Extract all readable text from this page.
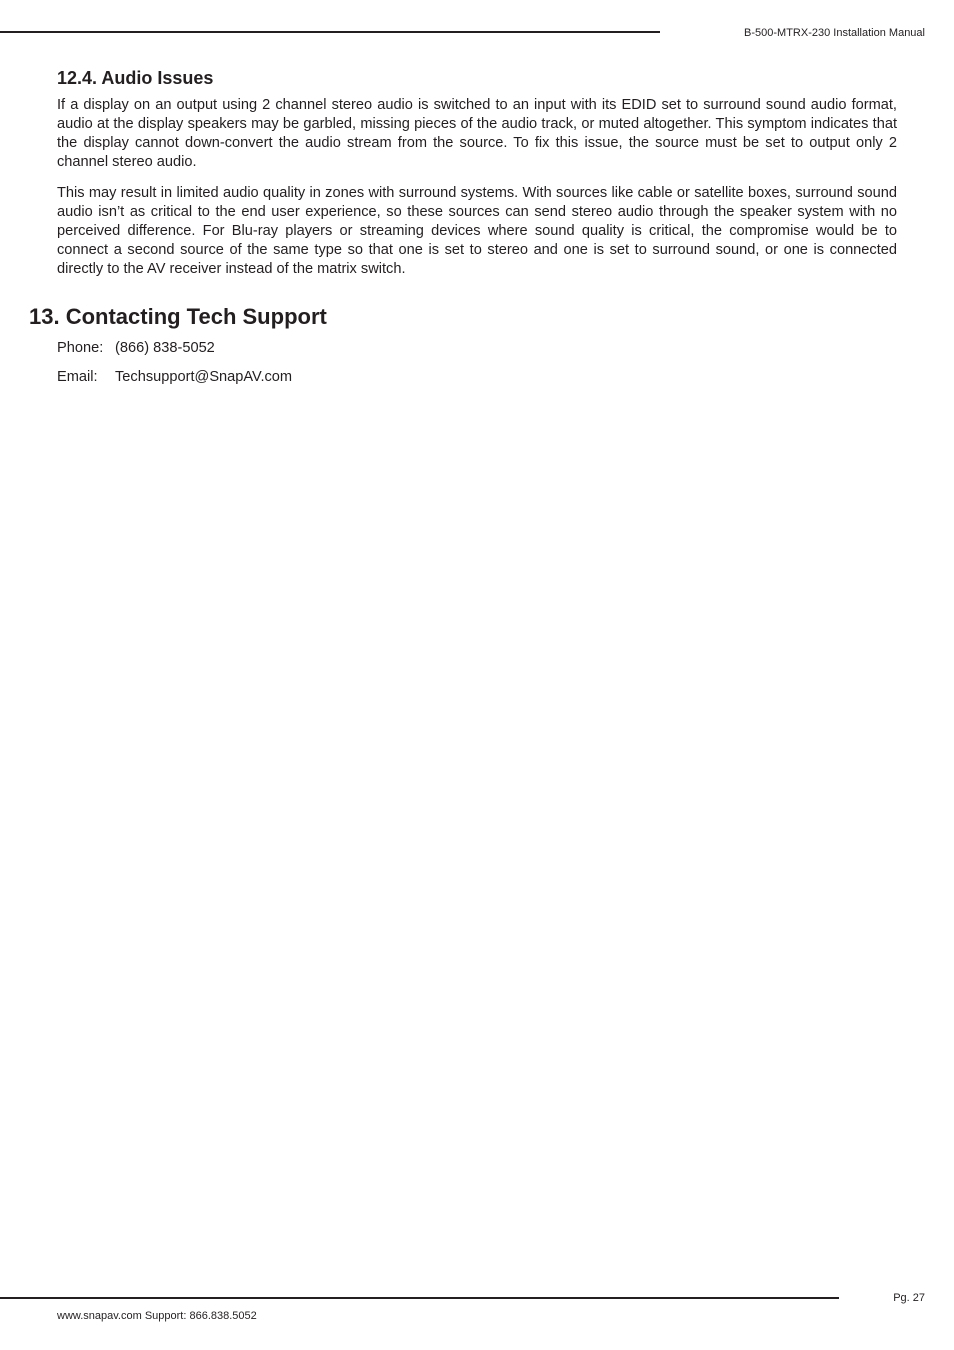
B-500-MTRX-230 Installation Manual
12.4. Audio Issues

If a display on an output using 2 channel stereo audio is switched to an input with its EDID set to surround sound audio format, audio at the display speakers may be garbled, missing pieces of the audio track, or muted altogether. This symptom indicates that the display cannot down-convert the audio stream from the source. To fix this issue, the source must be set to output only 2 channel stereo audio.

This may result in limited audio quality in zones with surround systems. With sources like cable or satellite boxes, surround sound audio isn’t as critical to the end user experience, so these sources can send stereo audio through the speaker system with no perceived difference. For Blu-ray players or streaming devices where sound quality is critical, the compromise would be to connect a second source of the same type so that one is set to stereo and one is set to surround sound, or one is connected directly to the AV receiver instead of the matrix switch.

13. Contacting Tech Support
Phone: (866) 838-5052
Email: Techsupport@SnapAV.com
Pg. 27
www.snapav.com Support: 866.838.5052
